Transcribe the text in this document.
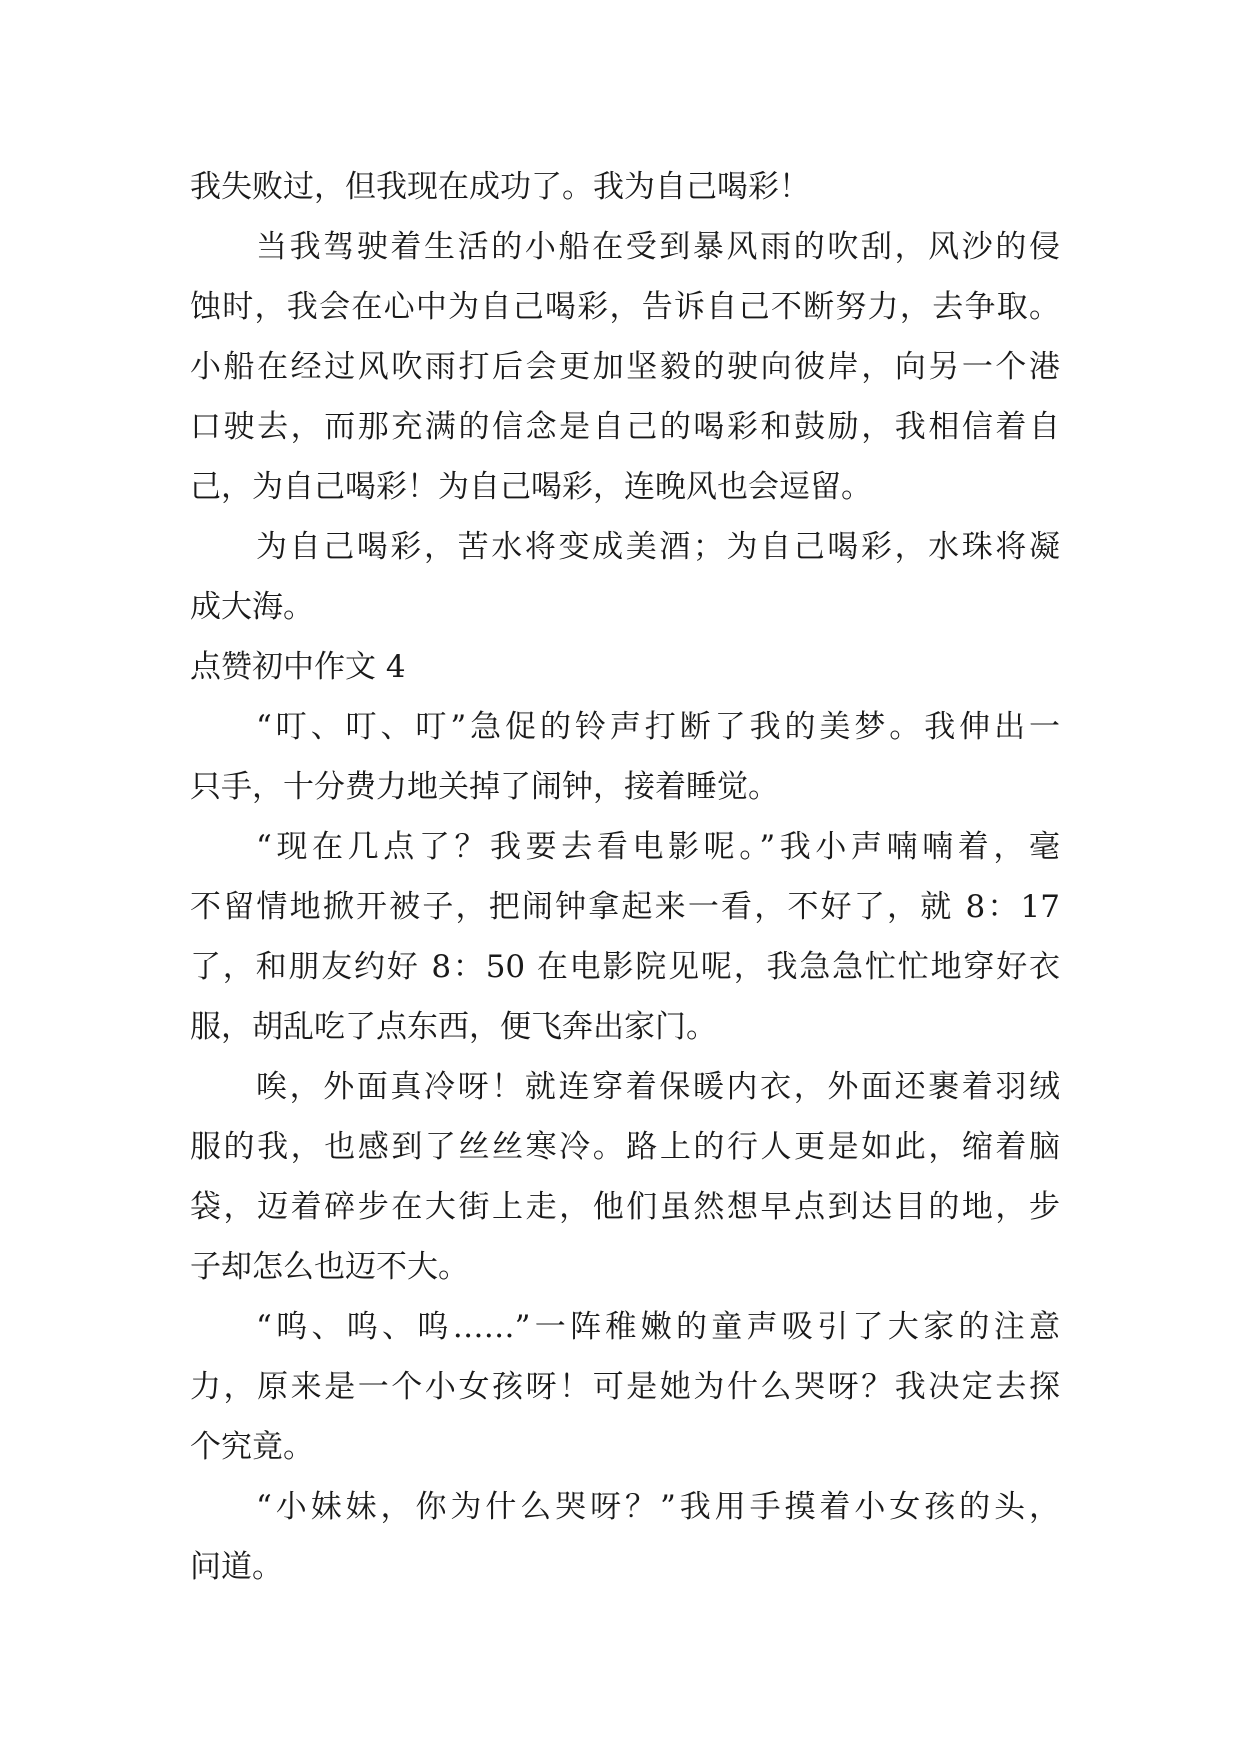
我失败过，但我现在成功了。我为自己喝彩！
当我驾驶着生活的小船在受到暴风雨的吹刮，风沙的侵
蚀时，我会在心中为自己喝彩，告诉自己不断努力，去争取。
小船在经过风吹雨打后会更加坚毅的驶向彼岸，向另一个港
口驶去，而那充满的信念是自己的喝彩和鼓励，我相信着自
己，为自己喝彩！为自己喝彩，连晚风也会逗留。
为自己喝彩，苦水将变成美酒；为自己喝彩，水珠将凝
成大海。
点赞初中作文 4
“叮、叮、叮”急促的铃声打断了我的美梦。我伸出一
只手，十分费力地关掉了闹钟，接着睡觉。
“现在几点了？我要去看电影呢。”我小声喃喃着，毫
不留情地掀开被子，把闹钟拿起来一看，不好了，就 8：17
了，和朋友约好 8：50 在电影院见呢，我急急忙忙地穿好衣
服，胡乱吃了点东西，便飞奔出家门。
唉，外面真冷呀！就连穿着保暖内衣，外面还裹着羽绒
服的我，也感到了丝丝寒冷。路上的行人更是如此，缩着脑
袋，迈着碎步在大街上走，他们虽然想早点到达目的地，步
子却怎么也迈不大。
“呜、呜、呜……”一阵稚嫩的童声吸引了大家的注意
力，原来是一个小女孩呀！可是她为什么哭呀？我决定去探
个究竟。
“小妹妹，你为什么哭呀？”我用手摸着小女孩的头，
问道。
